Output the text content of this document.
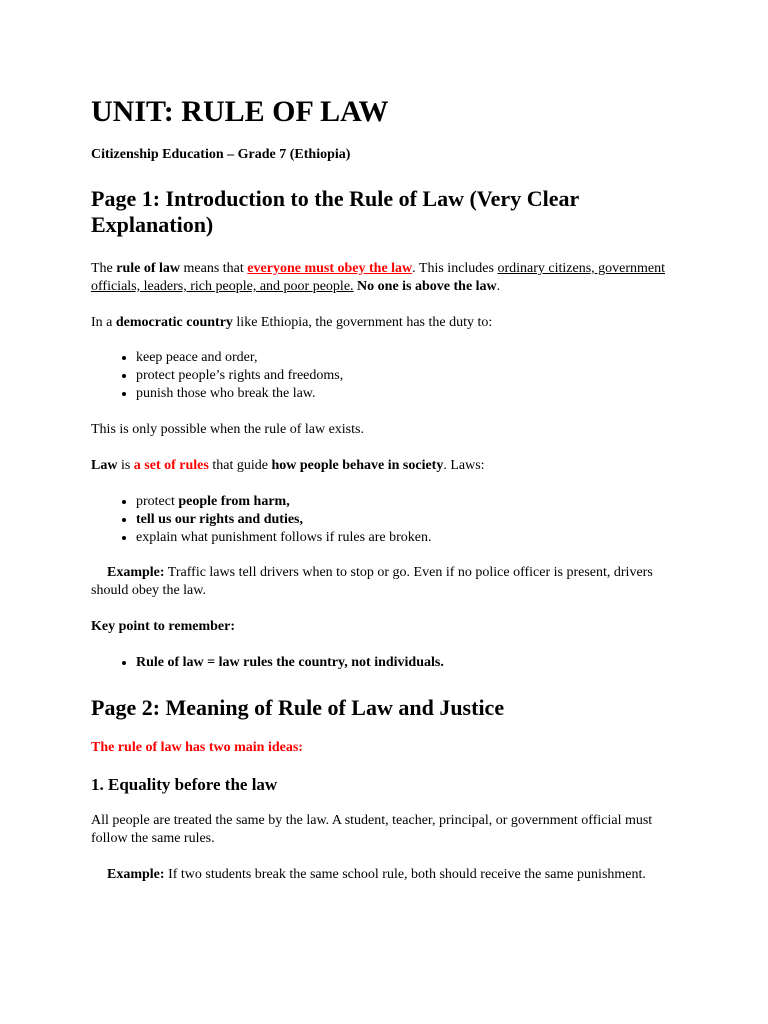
UNIT: RULE OF LAW

Citizenship Education – Grade 7 (Ethiopia)

Page 1: Introduction to the Rule of Law (Very Clear Explanation)

The rule of law means that everyone must obey the law. This includes ordinary citizens, government officials, leaders, rich people, and poor people. No one is above the law.

In a democratic country like Ethiopia, the government has the duty to:

• keep peace and order,
• protect people’s rights and freedoms,
• punish those who break the law.

This is only possible when the rule of law exists.

Law is a set of rules that guide how people behave in society. Laws:

• protect people from harm,
• tell us our rights and duties,
• explain what punishment follows if rules are broken.

Example: Traffic laws tell drivers when to stop or go. Even if no police officer is present, drivers should obey the law.

Key point to remember:

• Rule of law = law rules the country, not individuals.
Page 2: Meaning of Rule of Law and Justice

The rule of law has two main ideas:

1. Equality before the law

All people are treated the same by the law. A student, teacher, principal, or government official must follow the same rules.

Example: If two students break the same school rule, both should receive the same punishment.
